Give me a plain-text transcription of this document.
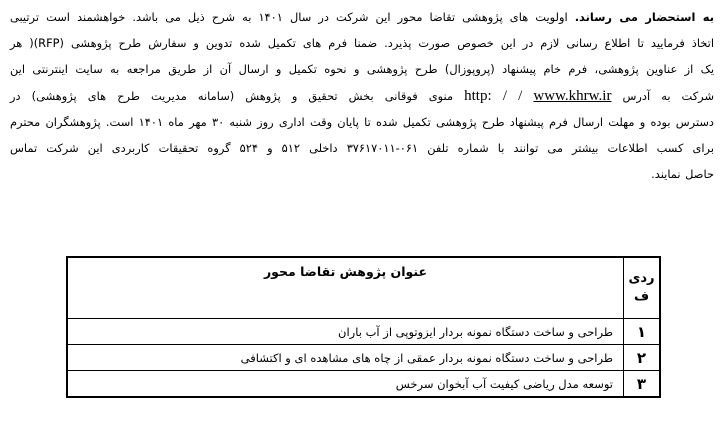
به استحضار می رساند. اولویت های پژوهشی تقاضا محور این شرکت در سال ۱۴۰۱ به شرح ذیل می باشد. خواهشمند است ترتیبی
اتخاذ فرمایید تا اطلاع رسانی لازم در این خصوص صورت پذیرد. ضمنا فرم های تکمیل شده تدوین و سفارش طرح پژوهشی (RFP)( هر
یک از عناوین پژوهشی، فرم خام پیشنهاد (پروپوزال) طرح پژوهشی و نحوه تکمیل و ارسال آن از طریق مراجعه به سایت اینترنتی این
شرکت به آدرس www.khrw.ir http: / / منوی فوقانی بخش تحقیق و پژوهش (سامانه مدیریت طرح های پژوهشی) در
دسترس بوده و مهلت ارسال فرم پیشنهاد طرح پژوهشی تکمیل شده تا پایان وقت اداری روز شنبه ۳۰ مهر ماه ۱۴۰۱ است. پژوهشگران محترم
برای کسب اطلاعات بیشتر می توانند با شماره تلفن ۰۶۱-۳۷۶۱۷۰۱۱ داخلی ۵۱۲ و ۵۲۴ گروه تحقیقات کاربردی این شرکت تماس
حاصل نمایند.
ردی
ف	عنوان پژوهش تقاضا محور
۱	طراحی و ساخت دستگاه نمونه بردار ایزوتوپی از آب باران
۲	طراحی و ساخت دستگاه نمونه بردار عمقی از چاه های مشاهده ای و اکتشافی
۳	توسعه مدل ریاضی کیفیت آب آبخوان سرخس
